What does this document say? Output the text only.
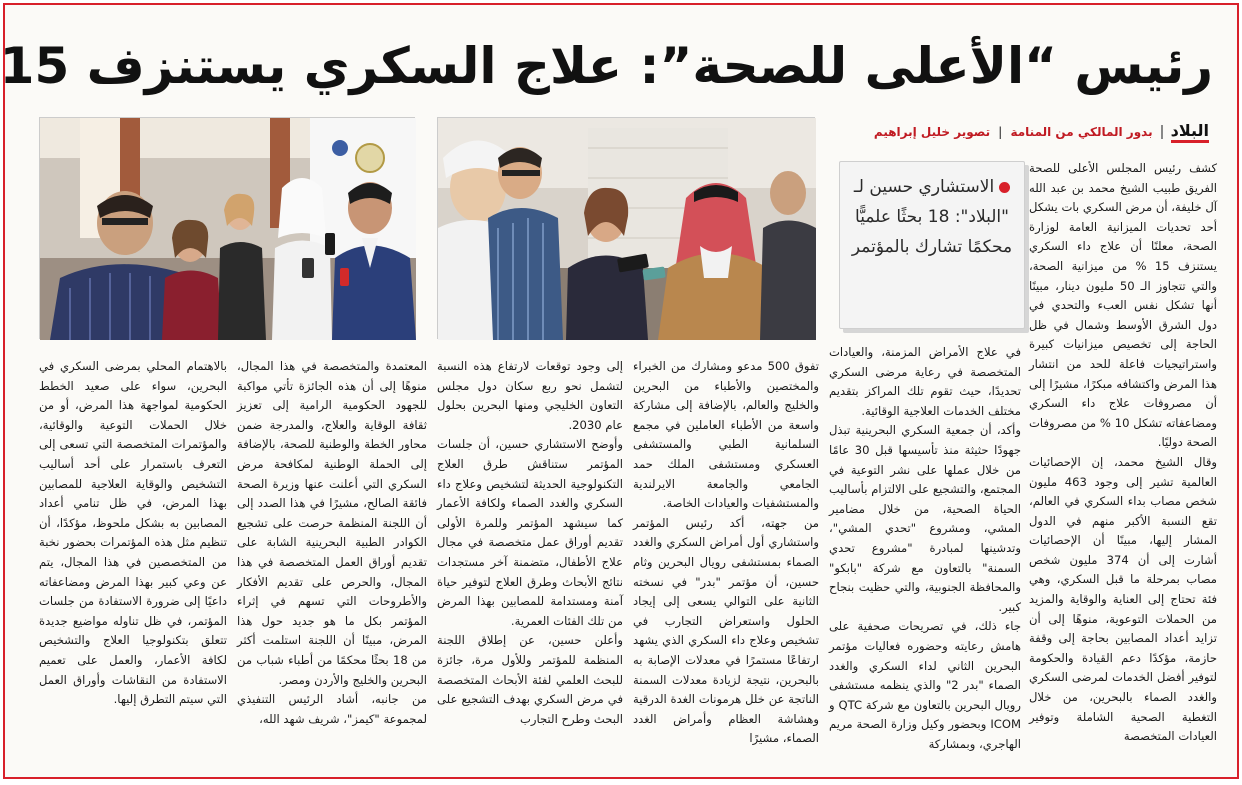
رئيس “الأعلى للصحة”: علاج السكري يستنزف 15
البلاد
بدور المالكي من المنامة
|
تصوير خليل إبراهيم

كشف رئيس المجلس الأعلى للصحة الفريق طبيب الشيخ محمد بن عبد الله آل خليفة، أن مرض السكري بات يشكل أحد تحديات الميزانية العامة لوزارة الصحة، معلنًا أن علاج داء السكري يستنزف 15 % من ميزانية الصحة، والتي تتجاوز الـ 50 مليون دينار، مبينًا أنها تشكل نفس العبء والتحدي في دول الشرق الأوسط وشمال في ظل الحاجة إلى تخصيص ميزانيات كبيرة واستراتيجيات فاعلة للحد من انتشار هذا المرض واكتشافه مبكرًا، مشيرًا إلى أن مصروفات علاج داء السكري ومضاعفاته تشكل 10 % من مصروفات الصحة دوليًا.

وقال الشيخ محمد، إن الإحصائيات العالمية تشير إلى وجود 463 مليون شخص مصاب بداء السكري في العالم، تقع النسبة الأكبر منهم في الدول المشار إليها، مبينًا أن الإحصائيات أشارت إلى أن 374 مليون شخص مصاب بمرحلة ما قبل السكري، وهي فئة تحتاج إلى العناية والوقاية والمزيد من الحملات التوعوية، منوهًا إلى أن تزايد أعداد المصابين بحاجة إلى وقفة حازمة، مؤكدًا دعم القيادة والحكومة لتوفير أفضل الخدمات لمرضى السكري والغدد الصماء بالبحرين، من خلال التغطية الصحية الشاملة وتوفير العيادات المتخصصة

الاستشاري حسين لـ "البلاد": 18 بحثًا علميًّا محكمًا تشارك بالمؤتمر

في علاج الأمراض المزمنة، والعيادات المتخصصة في رعاية مرضى السكري تحديدًا، حيث تقوم تلك المراكز بتقديم مختلف الخدمات العلاجية الوقائية.

وأكد، أن جمعية السكري البحرينية تبذل جهودًا حثيثة منذ تأسيسها قبل 30 عامًا من خلال عملها على نشر التوعية في المجتمع، والتشجيع على الالتزام بأساليب الحياة الصحية، من خلال مضامير المشي، ومشروع "تحدي المشي"، وتدشينها لمبادرة "مشروع تحدي السمنة" بالتعاون مع شركة "بابكو" والمحافظة الجنوبية، والتي حظيت بنجاح كبير.

جاء ذلك، في تصريحات صحفية على هامش رعايته وحضوره فعاليات مؤتمر البحرين الثاني لداء السكري والغدد الصماء "بدر 2" والذي ينظمه مستشفى رويال البحرين بالتعاون مع شركة QTC و ICOM وبحضور وكيل وزارة الصحة مريم الهاجري، وبمشاركة

تفوق 500 مدعو ومشارك من الخبراء والمختصين والأطباء من البحرين والخليج والعالم، بالإضافة إلى مشاركة واسعة من الأطباء العاملين في مجمع السلمانية الطبي والمستشفى العسكري ومستشفى الملك حمد الجامعي والجامعة الايرلندية والمستشفيات والعيادات الخاصة.

من جهته، أكد رئيس المؤتمر واستشاري أول أمراض السكري والغدد الصماء بمستشفى رويال البحرين وثام حسين، أن مؤتمر "بدر" في نسخته الثانية على التوالي يسعى إلى إيجاد الحلول واستعراض التجارب في تشخيص وعلاج داء السكري الذي يشهد ارتفاعًا مستمرًا في معدلات الإصابة به بالبحرين، نتيجة لزيادة معدلات السمنة الناتجة عن خلل هرمونات الغدة الدرقية وهشاشة العظام وأمراض الغدد الصماء، مشيرًا

إلى وجود توقعات لارتفاع هذه النسبة لتشمل نحو ربع سكان دول مجلس التعاون الخليجي ومنها البحرين بحلول عام 2030.

وأوضح الاستشاري حسين، أن جلسات المؤتمر ستناقش طرق العلاج التكنولوجية الحديثة لتشخيص وعلاج داء السكري والغدد الصماء ولكافة الأعمار كما سيشهد المؤتمر وللمرة الأولى تقديم أوراق عمل متخصصة في مجال علاج الأطفال، متضمنة آخر مستجدات نتائج الأبحاث وطرق العلاج لتوفير حياة آمنة ومستدامة للمصابين بهذا المرض من تلك الفئات العمرية.

وأعلن حسين، عن إطلاق اللجنة المنظمة للمؤتمر وللأول مرة، جائزة للبحث العلمي لفئة الأبحاث المتخصصة في مرض السكري بهدف التشجيع على البحث وطرح التجارب

المعتمدة والمتخصصة في هذا المجال، منوهًا إلى أن هذه الجائزة تأتي مواكبة للجهود الحكومية الرامية إلى تعزيز ثقافة الوقاية والعلاج، والمدرجة ضمن محاور الخطة والوطنية للصحة، بالإضافة إلى الحملة الوطنية لمكافحة مرض السكري التي أعلنت عنها وزيرة الصحة فائقة الصالح، مشيرًا في هذا الصدد إلى أن اللجنة المنظمة حرصت على تشجيع الكوادر الطبية البحرينية الشابة على تقديم أوراق العمل المتخصصة في هذا المجال، والحرص على تقديم الأفكار والأطروحات التي تسهم في إثراء المؤتمر بكل ما هو جديد حول هذا المرض، مبينًا أن اللجنة استلمت أكثر من 18 بحثًا محكمًا من أطباء شباب من البحرين والخليج والأردن ومصر.

من جانبه، أشاد الرئيس التنفيذي لمجموعة "كيمز"، شريف شهد الله،

بالاهتمام المحلي بمرضى السكري في البحرين، سواء على صعيد الخطط الحكومية لمواجهة هذا المرض، أو من خلال الحملات التوعية والوقائية، والمؤتمرات المتخصصة التي تسعى إلى التعرف باستمرار على أحد أساليب التشخيص والوقاية العلاجية للمصابين بهذا المرض، في ظل تنامي أعداد المصابين به بشكل ملحوظ، مؤكدًا، أن تنظيم مثل هذه المؤتمرات بحضور نخبة من المتخصصين في هذا المجال، يتم عن وعي كبير بهذا المرض ومضاعفاته داعيًا إلى ضرورة الاستفادة من جلسات المؤتمر، في ظل تناوله مواضيع جديدة تتعلق بتكنولوجيا العلاج والتشخيص لكافة الأعمار، والعمل على تعميم الاستفادة من النقاشات وأوراق العمل التي سيتم التطرق إليها.
